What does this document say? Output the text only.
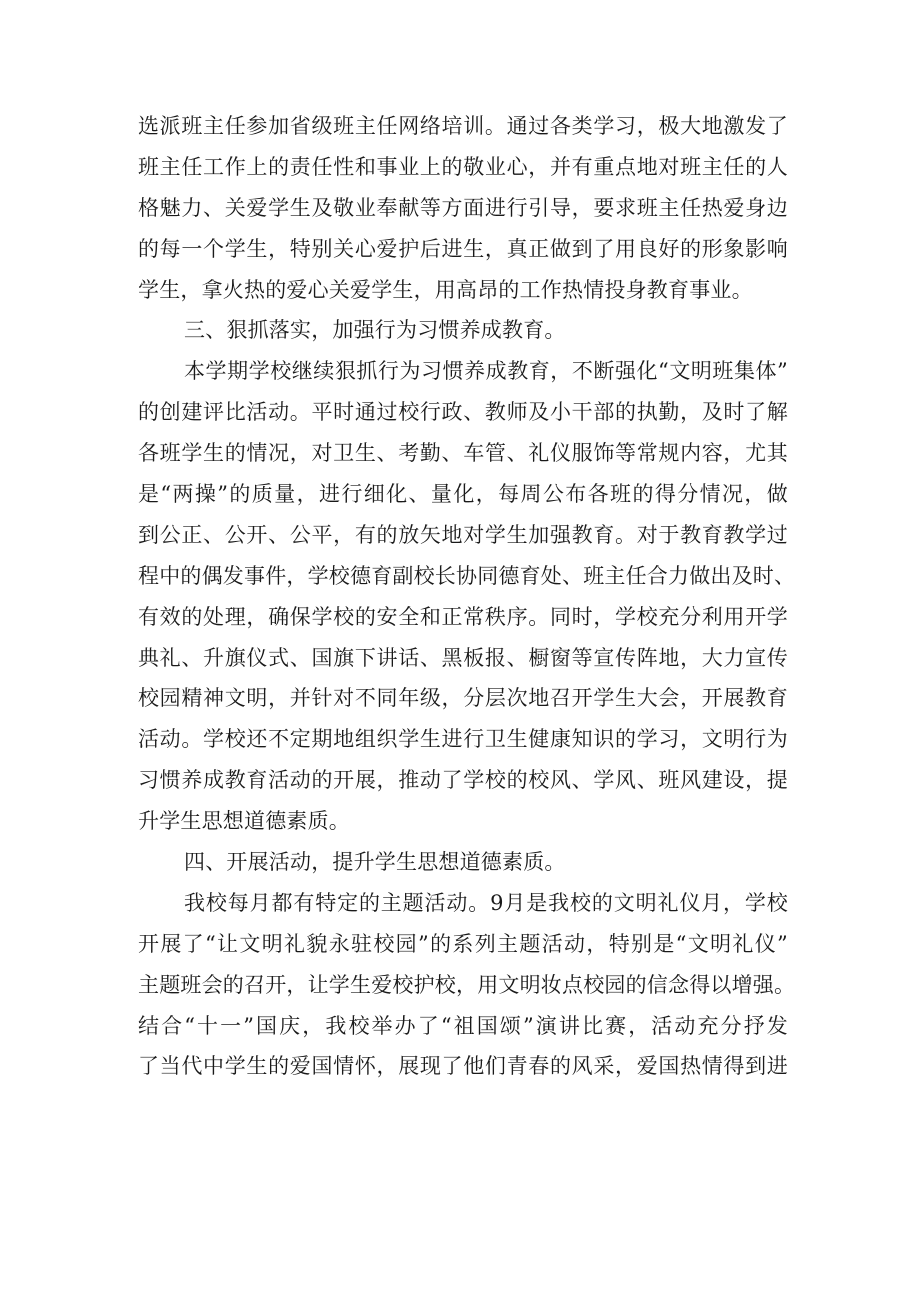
选派班主任参加省级班主任网络培训。通过各类学习，极大地激发了
班主任工作上的责任性和事业上的敬业心，并有重点地对班主任的人
格魅力、关爱学生及敬业奉献等方面进行引导，要求班主任热爱身边
的每一个学生，特别关心爱护后进生，真正做到了用良好的形象影响
学生，拿火热的爱心关爱学生，用高昂的工作热情投身教育事业。
三、狠抓落实，加强行为习惯养成教育。
本学期学校继续狠抓行为习惯养成教育，不断强化“文明班集体”
的创建评比活动。平时通过校行政、教师及小干部的执勤，及时了解
各班学生的情况，对卫生、考勤、车管、礼仪服饰等常规内容，尤其
是“两操”的质量，进行细化、量化，每周公布各班的得分情况，做
到公正、公开、公平，有的放矢地对学生加强教育。对于教育教学过
程中的偶发事件，学校德育副校长协同德育处、班主任合力做出及时、
有效的处理，确保学校的安全和正常秩序。同时，学校充分利用开学
典礼、升旗仪式、国旗下讲话、黑板报、橱窗等宣传阵地，大力宣传
校园精神文明，并针对不同年级，分层次地召开学生大会，开展教育
活动。学校还不定期地组织学生进行卫生健康知识的学习，文明行为
习惯养成教育活动的开展，推动了学校的校风、学风、班风建设，提
升学生思想道德素质。
四、开展活动，提升学生思想道德素质。
我校每月都有特定的主题活动。9月是我校的文明礼仪月，学校
开展了“让文明礼貌永驻校园”的系列主题活动，特别是“文明礼仪”
主题班会的召开，让学生爱校护校，用文明妆点校园的信念得以增强。
结合“十一”国庆，我校举办了“祖国颂”演讲比赛，活动充分抒发
了当代中学生的爱国情怀，展现了他们青春的风采，爱国热情得到进
